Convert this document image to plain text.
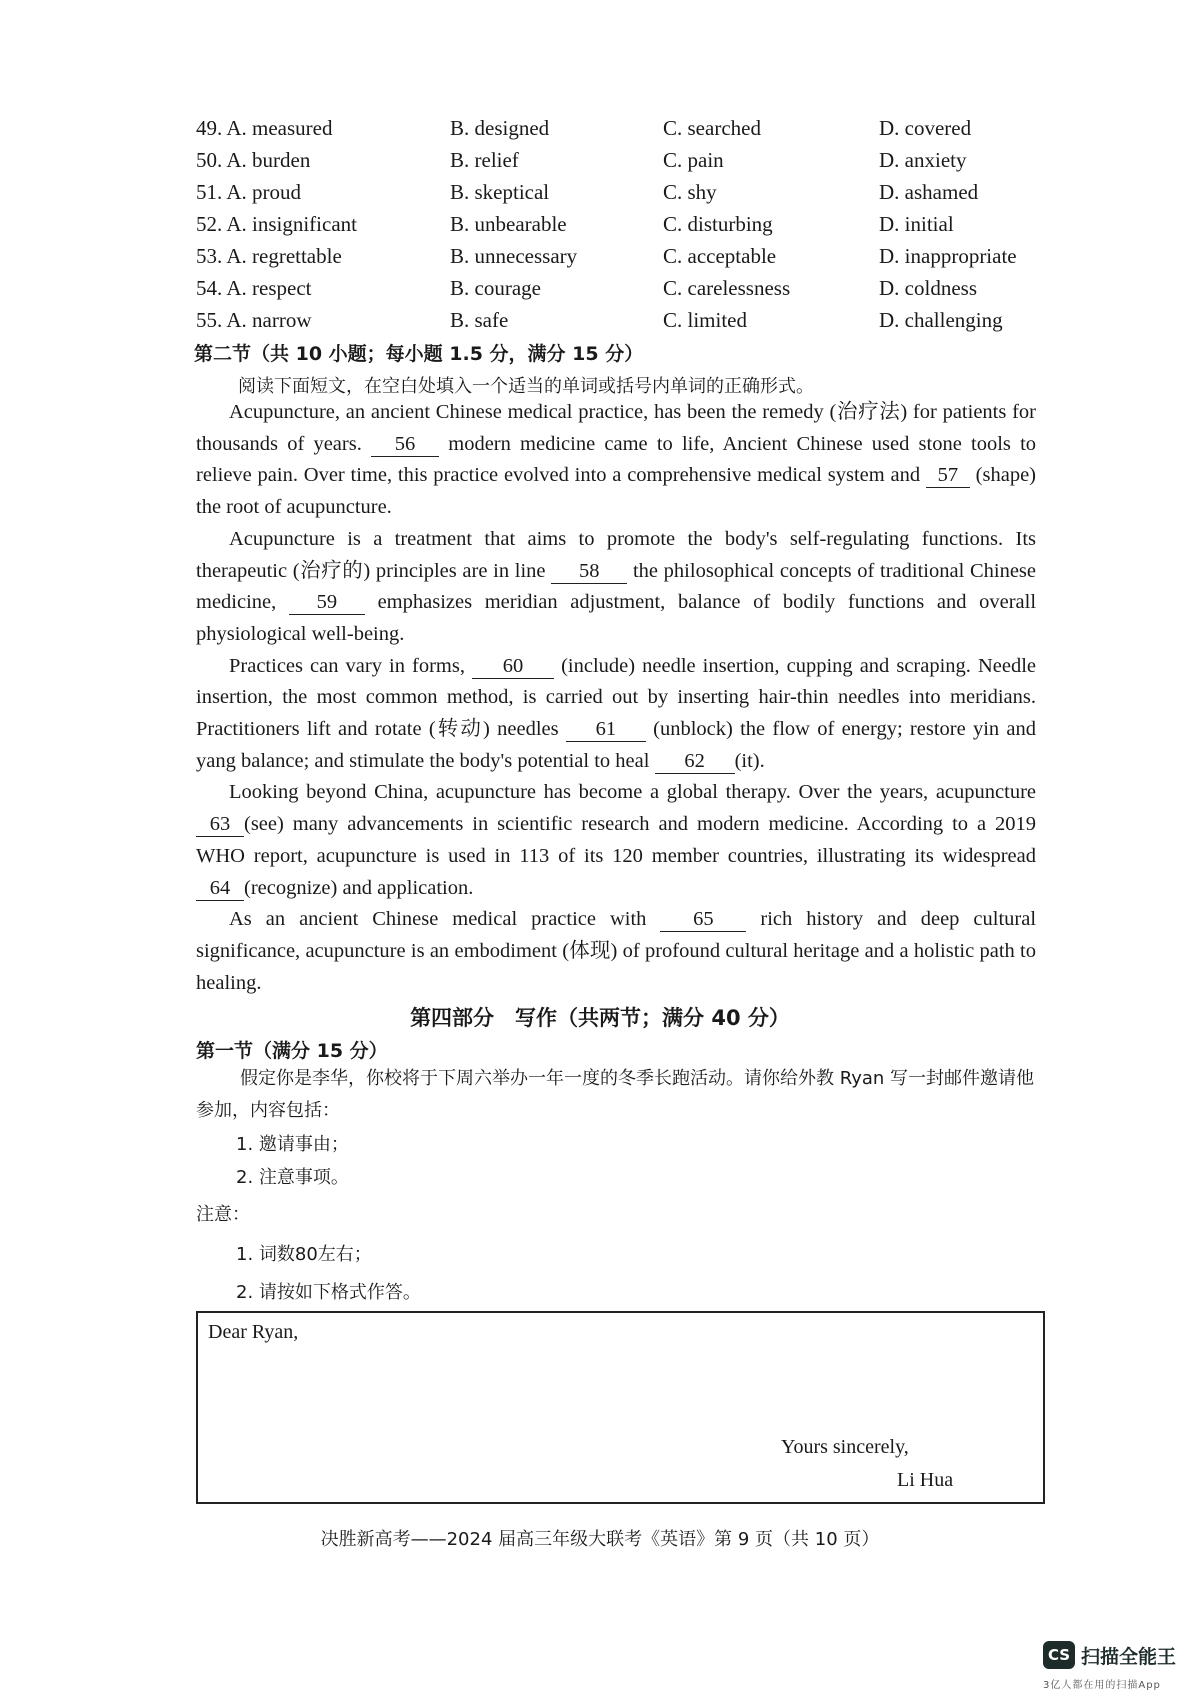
49. A. measured	B. designed	C. searched	D. covered
50. A. burden	B. relief	C. pain	D. anxiety
51. A. proud	B. skeptical	C. shy	D. ashamed
52. A. insignificant	B. unbearable	C. disturbing	D. initial
53. A. regrettable	B. unnecessary	C. acceptable	D. inappropriate
54. A. respect	B. courage	C. carelessness	D. coldness
55. A. narrow	B. safe	C. limited	D. challenging
第二节（共 10 小题；每小题 1.5 分，满分 15 分）
阅读下面短文，在空白处填入一个适当的单词或括号内单词的正确形式。

Acupuncture, an ancient Chinese medical practice, has been the remedy (治疗法) for patients for thousands of years. 56 modern medicine came to life, Ancient Chinese used stone tools to relieve pain. Over time, this practice evolved into a comprehensive medical system and 57 (shape) the root of acupuncture.

Acupuncture is a treatment that aims to promote the body's self-regulating functions. Its therapeutic (治疗的) principles are in line 58 the philosophical concepts of traditional Chinese medicine, 59 emphasizes meridian adjustment, balance of bodily functions and overall physiological well-being.

Practices can vary in forms, 60 (include) needle insertion, cupping and scraping. Needle insertion, the most common method, is carried out by inserting hair-thin needles into meridians. Practitioners lift and rotate (转动) needles 61 (unblock) the flow of energy; restore yin and yang balance; and stimulate the body's potential to heal 62 (it).

Looking beyond China, acupuncture has become a global therapy. Over the years, acupuncture 63 (see) many advancements in scientific research and modern medicine. According to a 2019 WHO report, acupuncture is used in 113 of its 120 member countries, illustrating its widespread 64 (recognize) and application.

As an ancient Chinese medical practice with 65 rich history and deep cultural significance, acupuncture is an embodiment (体现) of profound cultural heritage and a holistic path to healing.

第四部分　写作（共两节；满分 40 分）
第一节（满分 15 分）
假定你是李华，你校将于下周六举办一年一度的冬季长跑活动。请你给外教 Ryan 写一封邮件邀请他参加，内容包括：
1. 邀请事由；
2. 注意事项。
注意：
1. 词数80左右；
2. 请按如下格式作答。
Dear Ryan,
Yours sincerely,
Li Hua
决胜新高考——2024 届高三年级大联考《英语》第 9 页（共 10 页）
CS 扫描全能王
3亿人都在用的扫描App
